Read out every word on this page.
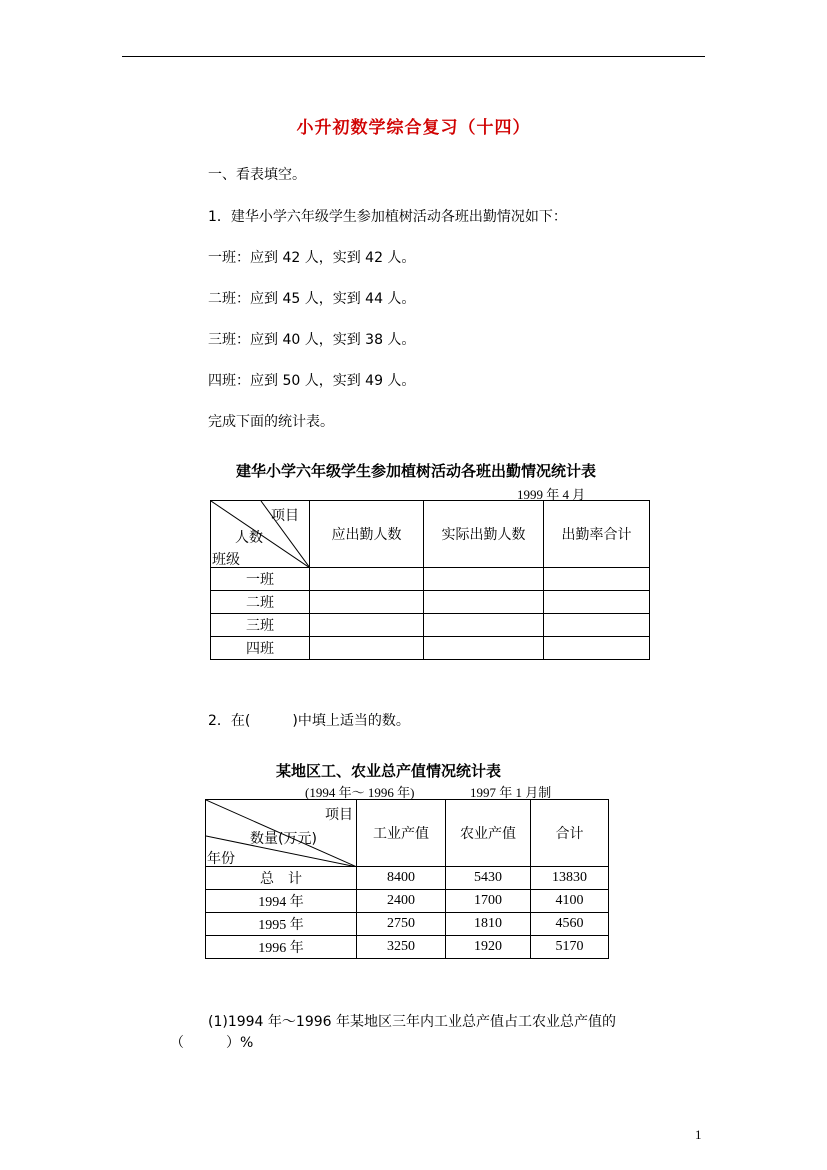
小升初数学综合复习（十四）
一、看表填空。
1．建华小学六年级学生参加植树活动各班出勤情况如下：
一班：应到 42 人，实到 42 人。
二班：应到 45 人，实到 44 人。
三班：应到 40 人，实到 38 人。
四班：应到 50 人，实到 49 人。
完成下面的统计表。
建华小学六年级学生参加植树活动各班出勤情况统计表
1999 年 4 月
项目
人数
班级	应出勤人数	实际出勤人数	出勤率合计
一班			
二班			
三班			
四班			
2．在(　　　)中填上适当的数。
某地区工、农业总产值情况统计表
(1994 年～ 1996 年)	1997 年 1 月制
项目
数量(万元)
年份	工业产值	农业产值	合计
总　计	8400	5430	13830
1994 年	2400	1700	4100
1995 年	2750	1810	4560
1996 年	3250	1920	5170
(1)1994 年～1996 年某地区三年内工业总产值占工农业总产值的
（　　　）%
1
